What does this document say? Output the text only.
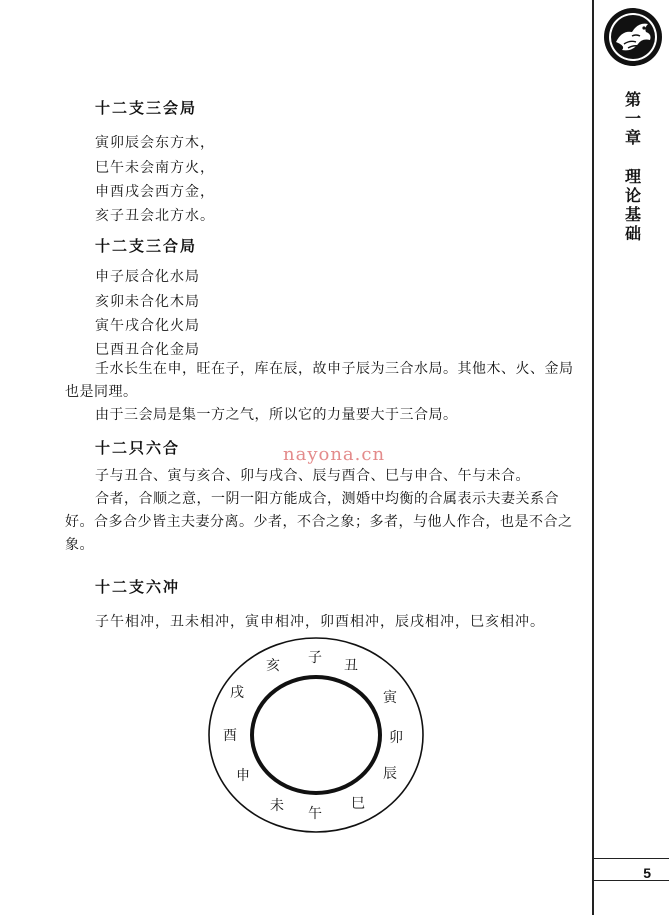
十二支三会局
寅卯辰会东方木，
巳午未会南方火，
申酉戌会西方金，
亥子丑会北方水。
十二支三合局
申子辰合化水局
亥卯未合化木局
寅午戌合化火局
巳酉丑合化金局

壬水长生在申，旺在子，库在辰，故申子辰为三合水局。其他木、火、金局也是同理。

由于三会局是集一方之气，所以它的力量要大于三合局。

十二只六合	nayona.cn

子与丑合、寅与亥合、卯与戌合、辰与酉合、巳与申合、午与未合。

合者，合顺之意，一阴一阳方能成合，测婚中均衡的合属表示夫妻关系合好。合多合少皆主夫妻分离。少者，不合之象；多者，与他人作合，也是不合之象。

十二支六冲
子午相冲，丑未相冲，寅申相冲，卯酉相冲，辰戌相冲，巳亥相冲。
子 丑
寅
卯
辰
巳
午
未
申
酉
戌
亥
第
一
章
理
论
基
础
5
